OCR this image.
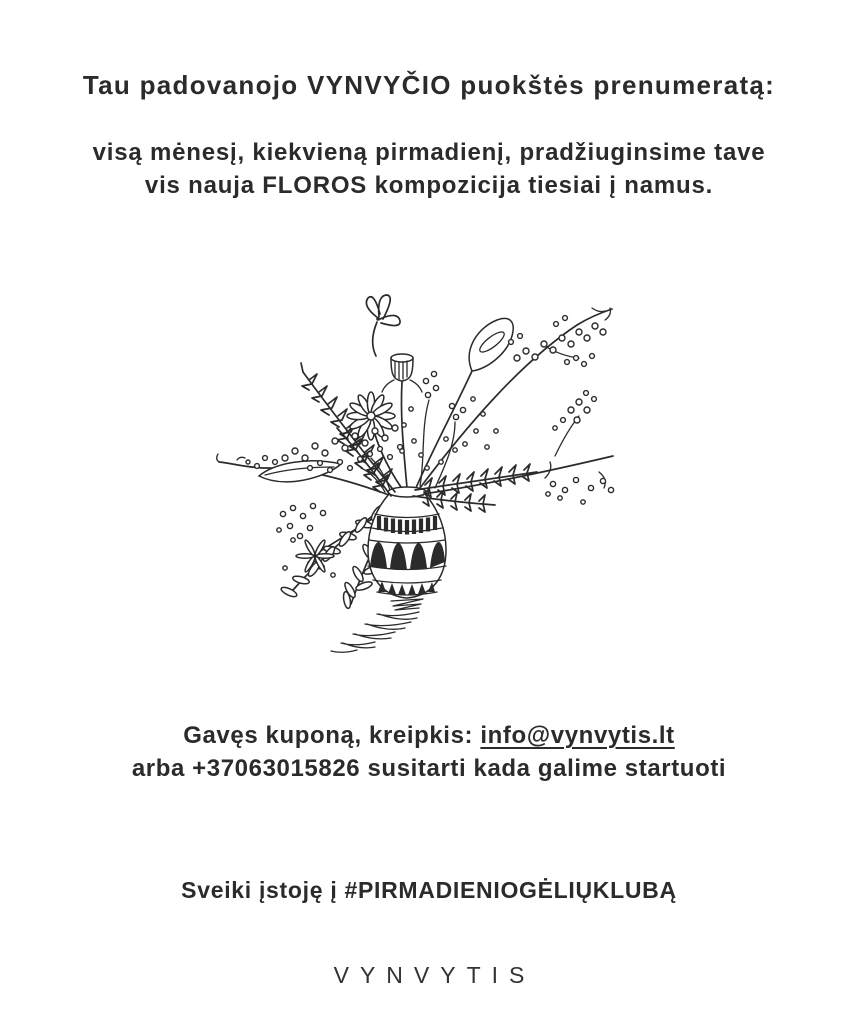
Tau padovanojo VYNVYČIO puokštės prenumeratą:

visą mėnesį, kiekvieną pirmadienį, pradžiuginsime tave
vis nauja FLOROS kompozicija tiesiai į namus.

Gavęs kuponą, kreipkis: info@vynvytis.lt
arba +37063015826 susitarti kada galime startuoti

Sveiki įstoję į #PIRMADIENIOGĖLIŲKLUBĄ

VYNVYTIS
